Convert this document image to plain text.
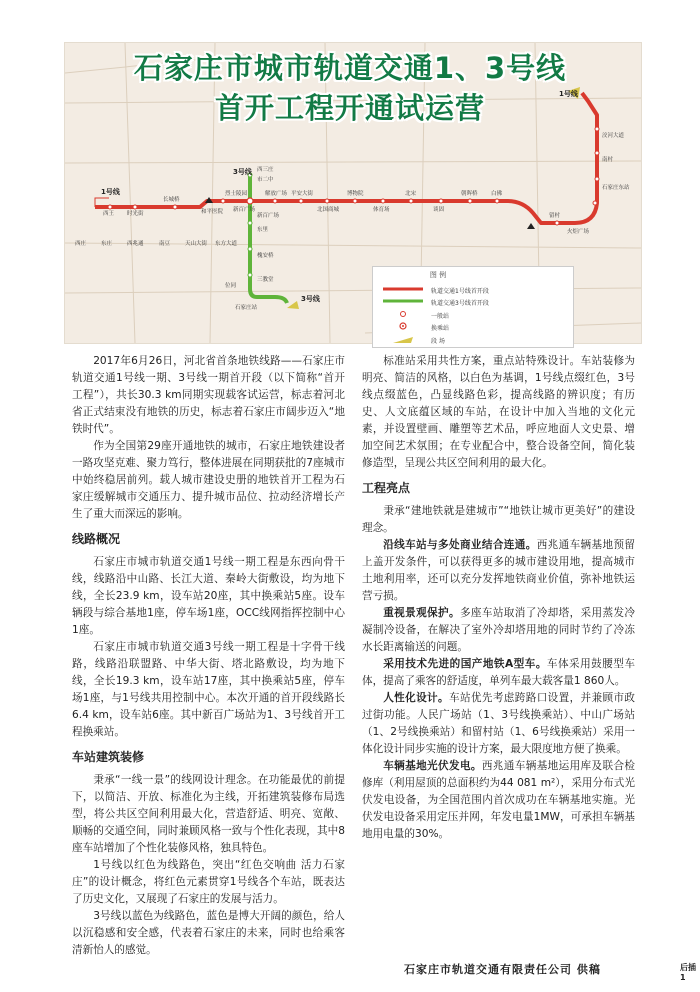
1号线
1号线
3号线
3号线
西王 时光街
长城桥
和平医院
烈士陵园
新百广场
解放广场 平安大街
北国商城
博物院
体育场
北宋
谈固
朝晖桥 白佛
留村
火炬广场
石家庄东站
南村
洨河大道
西庄	东庄	西兆通	南豆	天山大街 东方大道
西三庄
市二中
新百广场
东里
槐安桥
三教堂
位同
石家庄站
图 例
轨道交通1号线首开段
轨道交通3号线首开段
一般站
换乘站
段 场
石家庄市城市轨道交通1、3号线
首开工程开通试运营

2017年6月26日，河北省首条地铁线路——石家庄市轨道交通1号线一期、3号线一期首开段（以下简称“首开工程”），共长30.3 km同期实现载客试运营，标志着河北省正式结束没有地铁的历史，标志着石家庄市阔步迈入“地铁时代”。

作为全国第29座开通地铁的城市，石家庄地铁建设者一路攻坚克难、聚力笃行，整体进展在同期获批的7座城市中始终稳居前列。载人城市建设史册的地铁首开工程为石家庄缓解城市交通压力、提升城市品位、拉动经济增长产生了重大而深远的影响。

线路概况

石家庄市城市轨道交通1号线一期工程是东西向骨干线，线路沿中山路、长江大道、秦岭大街敷设，均为地下线，全长23.9 km，设车站20座，其中换乘站5座。设车辆段与综合基地1座，停车场1座，OCC线网指挥控制中心1座。

石家庄市城市轨道交通3号线一期工程是十字骨干线路，线路沿联盟路、中华大街、塔北路敷设，均为地下线，全长19.3 km，设车站17座，其中换乘站5座，停车场1座，与1号线共用控制中心。本次开通的首开段线路长6.4 km，设车站6座。其中新百广场站为1、3号线首开工程换乘站。

车站建筑装修

秉承“一线一景”的线网设计理念。在功能最优的前提下，以简洁、开放、标准化为主线，开拓建筑装修布局选型，将公共区空间利用最大化，营造舒适、明亮、宽敞、顺畅的交通空间，同时兼顾风格一致与个性化表现，其中8座车站增加了个性化装修风格，独具特色。

1号线以红色为线路色，突出“红色交响曲 活力石家庄”的设计概念，将红色元素贯穿1号线各个车站，既表达了历史文化，又展现了石家庄的发展与活力。

3号线以蓝色为线路色，蓝色是博大开阔的颜色，给人以沉稳感和安全感，代表着石家庄的未来，同时也给乘客清新怡人的感觉。

标准站采用共性方案，重点站特殊设计。车站装修为明亮、简洁的风格，以白色为基调，1号线点缀红色，3号线点缀蓝色，凸显线路色彩，提高线路的辨识度；有历史、人文底蕴区域的车站，在设计中加入当地的文化元素，并设置壁画、雕塑等艺术品，呼应地面人文史景、增加空间艺术氛围；在专业配合中，整合设备空间，简化装修造型，呈现公共区空间利用的最大化。

工程亮点

秉承“建地铁就是建城市”“地铁让城市更美好”的建设理念。

沿线车站与多处商业结合连通。西兆通车辆基地预留上盖开发条件，可以获得更多的城市建设用地，提高城市土地利用率，还可以充分发挥地铁商业价值，弥补地铁运营亏损。

重视景观保护。多座车站取消了冷却塔，采用蒸发冷凝制冷设备，在解决了室外冷却塔用地的同时节约了冷冻水长距离输送的问题。

采用技术先进的国产地铁A型车。车体采用鼓腰型车体，提高了乘客的舒适度，单列车最大载客量1 860人。

人性化设计。车站优先考虑跨路口设置，并兼顾市政过街功能。人民广场站（1、3号线换乘站）、中山广场站（1、2号线换乘站）和留村站（1、6号线换乘站）采用一体化设计同步实施的设计方案，最大限度地方便了换乘。

车辆基地光伏发电。西兆通车辆基地运用库及联合检修库（利用屋顶的总面积约为44 081 m²），采用分布式光伏发电设备，为全国范围内首次成功在车辆基地实施。光伏发电设备采用定压并网，年发电量1MW，可承担车辆基地用电量的30%。

石家庄市轨道交通有限责任公司 供稿	后插1
